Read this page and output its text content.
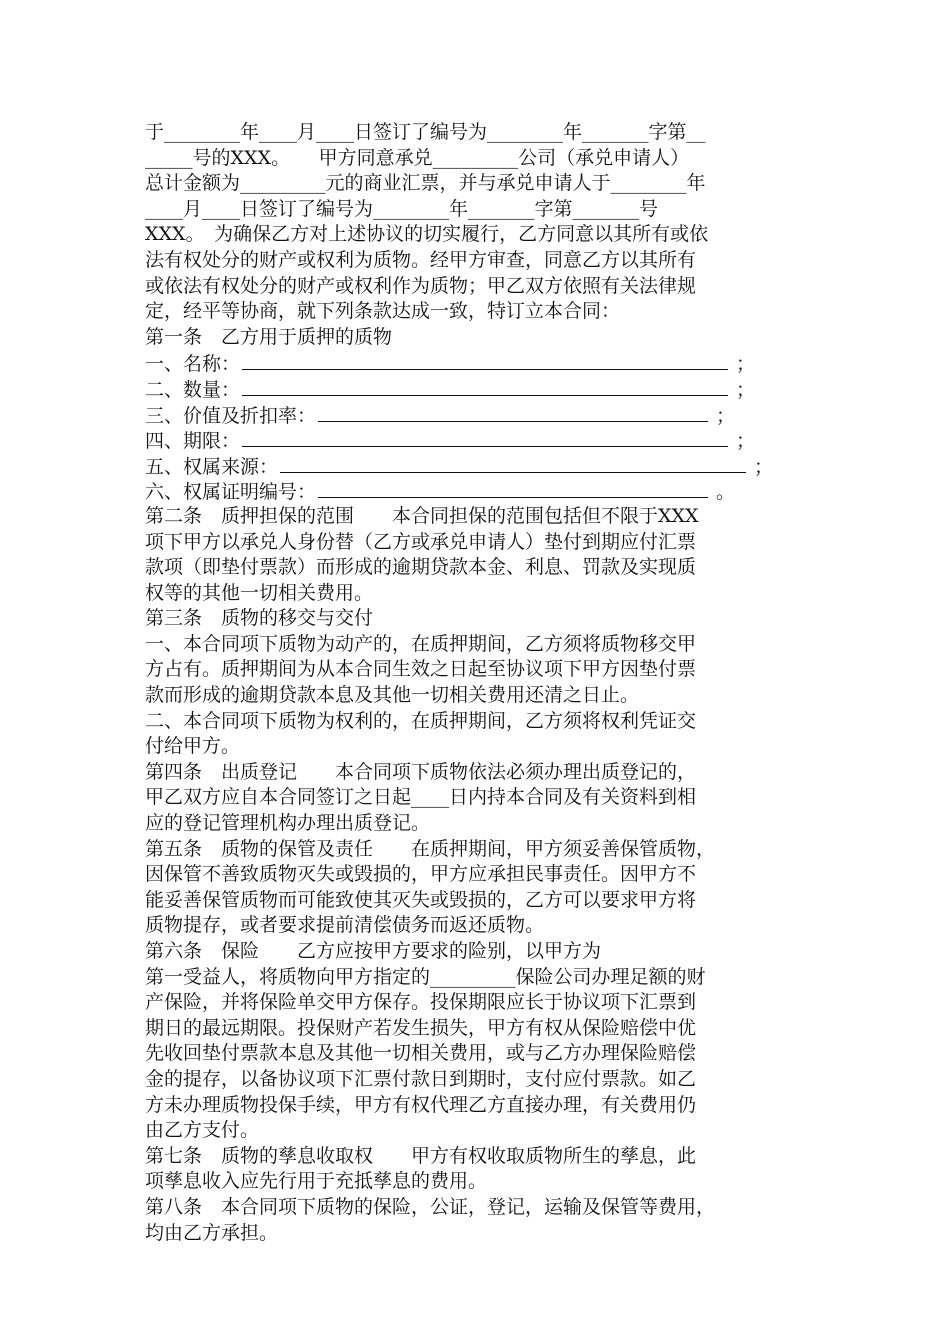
于________年____月____日签订了编号为________年_______字第__
_____号的XXX。　　甲方同意承兑_________公司（承兑申请人）
总计金额为_________元的商业汇票，并与承兑申请人于________年
____月____日签订了编号为________年_______字第_______号
XXX。　为确保乙方对上述协议的切实履行，乙方同意以其所有或依
法有权处分的财产或权利为质物。经甲方审查，同意乙方以其所有
或依法有权处分的财产或权利作为质物；甲乙双方依照有关法律规
定，经平等协商，就下列条款达成一致，特订立本合同：
第一条　乙方用于质押的质物
一、名称：	；
二、数量：	；
三、价值及折扣率：	；
四、期限：	；
五、权属来源：	；
六、权属证明编号：	。
第二条　质押担保的范围　　本合同担保的范围包括但不限于XXX
项下甲方以承兑人身份替（乙方或承兑申请人）垫付到期应付汇票
款项（即垫付票款）而形成的逾期贷款本金、利息、罚款及实现质
权等的其他一切相关费用。
第三条　质物的移交与交付
一、本合同项下质物为动产的，在质押期间，乙方须将质物移交甲
方占有。质押期间为从本合同生效之日起至协议项下甲方因垫付票
款而形成的逾期贷款本息及其他一切相关费用还清之日止。
二、本合同项下质物为权利的，在质押期间，乙方须将权利凭证交
付给甲方。
第四条　出质登记　　本合同项下质物依法必须办理出质登记的，
甲乙双方应自本合同签订之日起____日内持本合同及有关资料到相
应的登记管理机构办理出质登记。
第五条　质物的保管及责任　　在质押期间，甲方须妥善保管质物，
因保管不善致质物灭失或毁损的，甲方应承担民事责任。因甲方不
能妥善保管质物而可能致使其灭失或毁损的，乙方可以要求甲方将
质物提存，或者要求提前清偿债务而返还质物。
第六条　保险　　乙方应按甲方要求的险别，以甲方为
第一受益人，将质物向甲方指定的_________保险公司办理足额的财
产保险，并将保险单交甲方保存。投保期限应长于协议项下汇票到
期日的最远期限。投保财产若发生损失，甲方有权从保险赔偿中优
先收回垫付票款本息及其他一切相关费用，或与乙方办理保险赔偿
金的提存，以备协议项下汇票付款日到期时，支付应付票款。如乙
方未办理质物投保手续，甲方有权代理乙方直接办理，有关费用仍
由乙方支付。
第七条　质物的孳息收取权　　甲方有权收取质物所生的孳息，此
项孳息收入应先行用于充抵孳息的费用。
第八条　本合同项下质物的保险，公证，登记，运输及保管等费用，
均由乙方承担。
